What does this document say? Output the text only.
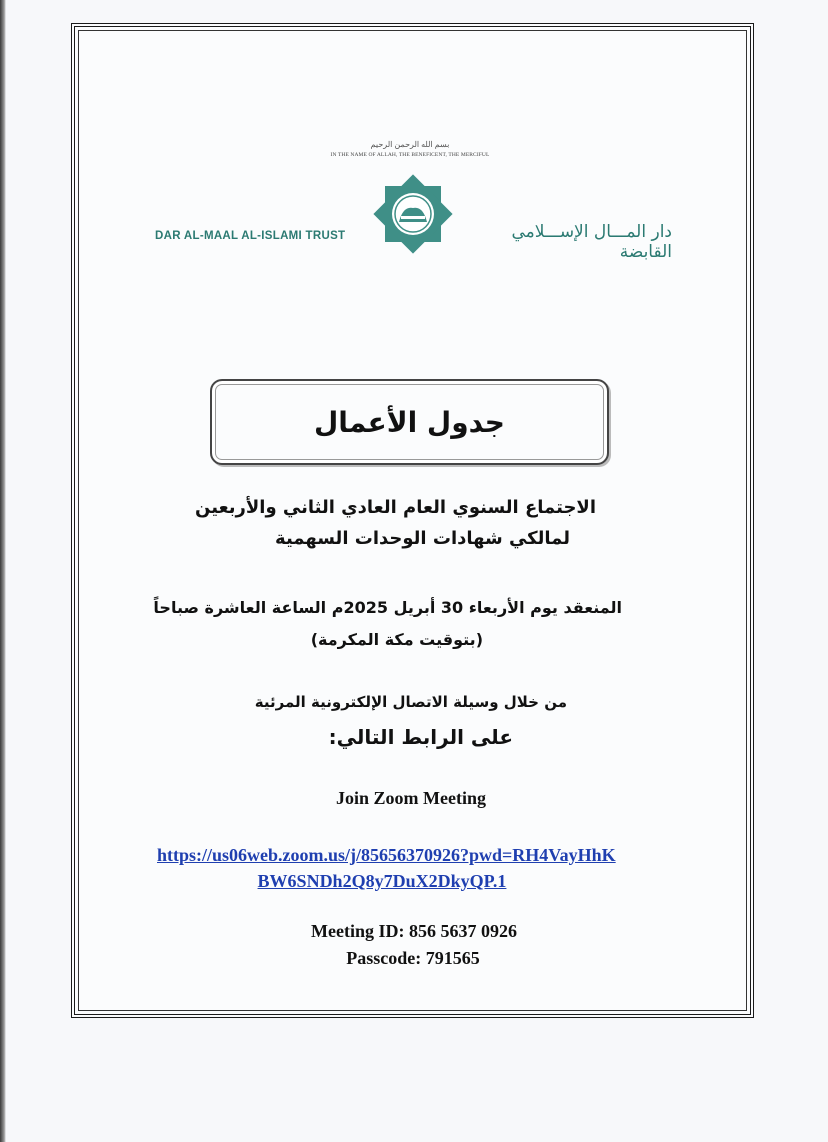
بسم الله الرحمن الرحيم
IN THE NAME OF ALLAH, THE BENEFICENT, THE MERCIFUL
DAR AL-MAAL AL-ISLAMI TRUST	دار المـــال الإســـلامي القابضة
جدول الأعمال
الاجتماع السنوي العام العادي الثاني والأربعين
لمالكي شهادات الوحدات السهمية
المنعقد يوم الأربعاء 30 أبريل 2025م الساعة العاشرة صباحاً
(بتوقيت مكة المكرمة)
من خلال وسيلة الاتصال الإلكترونية المرئية
على الرابط التالي:
Join Zoom Meeting
https://us06web.zoom.us/j/85656370926?pwd=RH4VayHhK
BW6SNDh2Q8y7DuX2DkyQP.1
Meeting ID: 856 5637 0926
Passcode: 791565
